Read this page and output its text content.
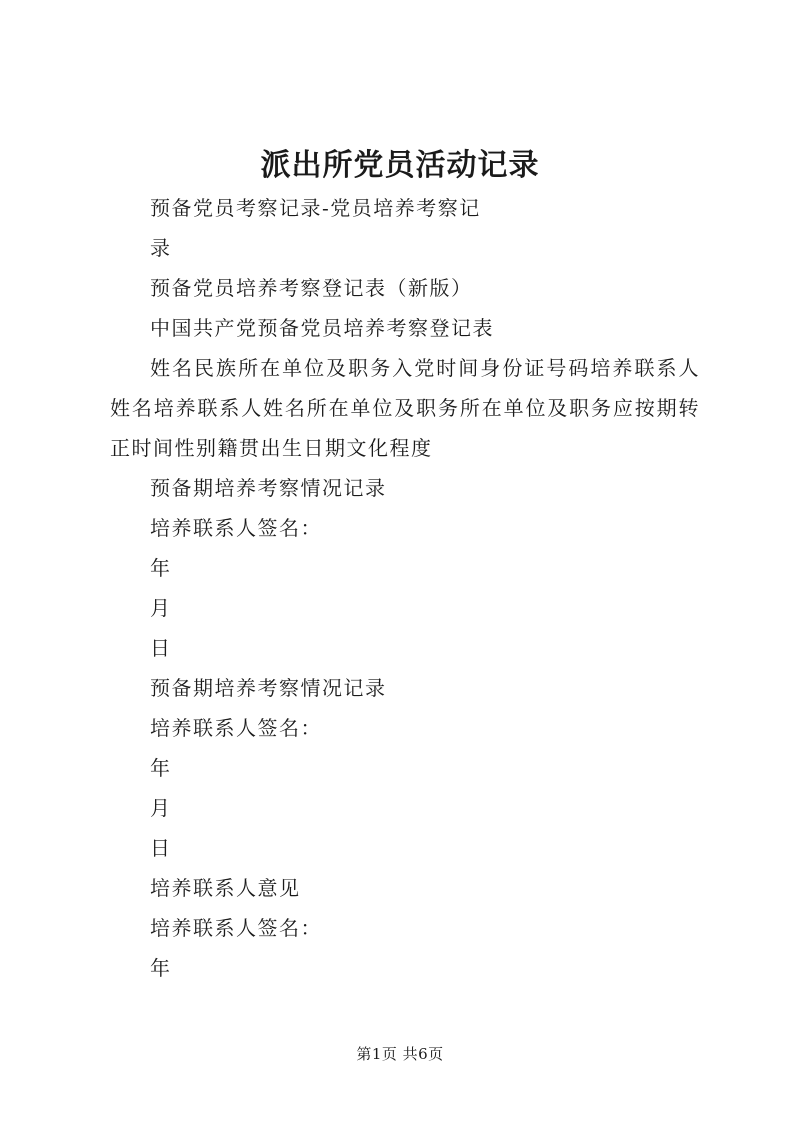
派出所党员活动记录

预备党员考察记录-党员培养考察记

录

预备党员培养考察登记表（新版）

中国共产党预备党员培养考察登记表

姓名民族所在单位及职务入党时间身份证号码培养联系人姓名培养联系人姓名所在单位及职务所在单位及职务应按期转正时间性别籍贯出生日期文化程度

预备期培养考察情况记录

培养联系人签名：

年

月

日

预备期培养考察情况记录

培养联系人签名：

年

月

日

培养联系人意见

培养联系人签名：

年

第1页 共6页
